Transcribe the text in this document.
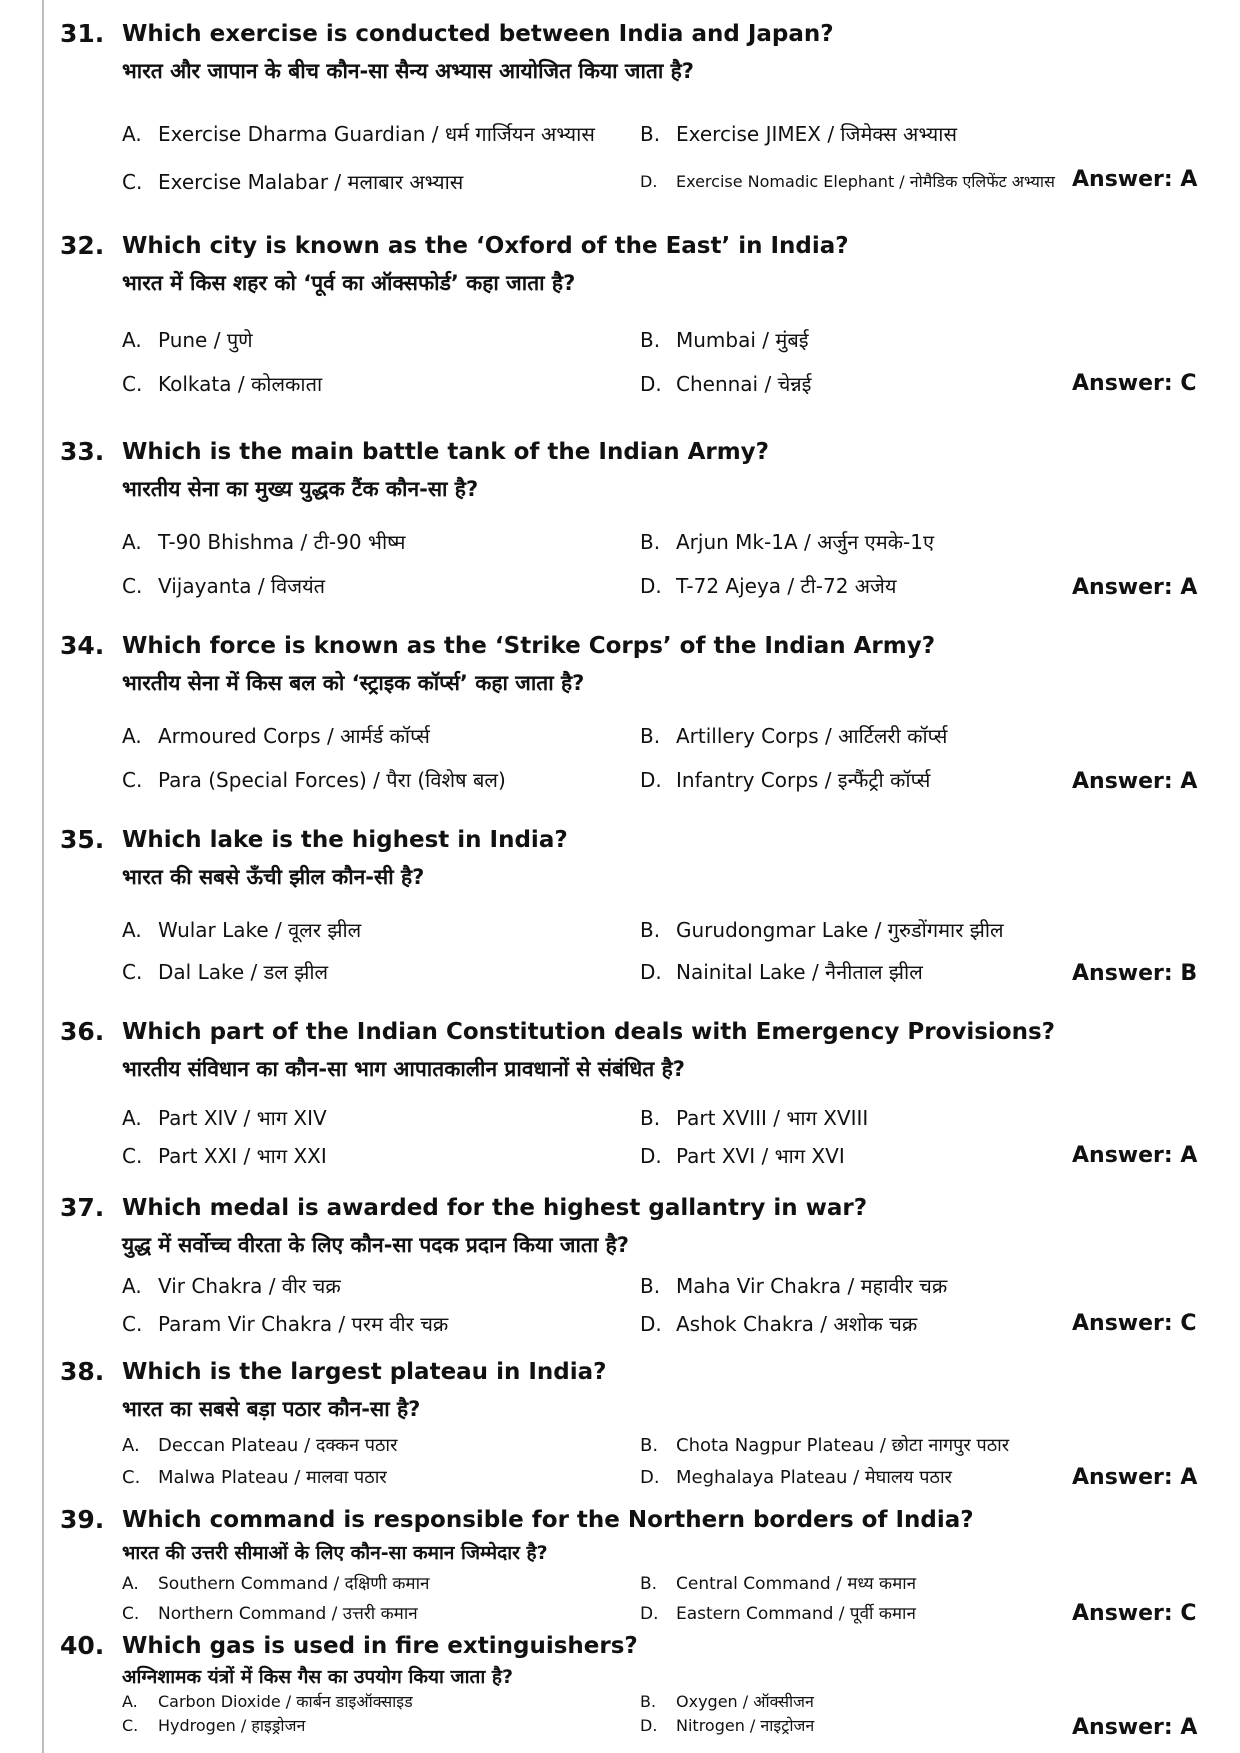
31. Which exercise is conducted between India and Japan?
भारत और जापान के बीच कौन-सा सैन्य अभ्यास आयोजित किया जाता है?
A. Exercise Dharma Guardian / धर्म गार्जियन अभ्यास B. Exercise JIMEX / जिमेक्स अभ्यास
C. Exercise Malabar / मलाबार अभ्यास	D. Exercise Nomadic Elephant / नोमैडिक एलिफेंट अभ्यास Answer: A
32. Which city is known as the ‘Oxford of the East’ in India?
भारत में किस शहर को ‘पूर्व का ऑक्सफोर्ड’ कहा जाता है?
A. Pune / पुणे	B. Mumbai / मुंबई
C. Kolkata / कोलकाता	D. Chennai / चेन्नई	Answer: C
33. Which is the main battle tank of the Indian Army?
भारतीय सेना का मुख्य युद्धक टैंक कौन-सा है?
A. T-90 Bhishma / टी-90 भीष्म	B. Arjun Mk-1A / अर्जुन एमके-1ए
C. Vijayanta / विजयंत	D. T-72 Ajeya / टी-72 अजेय	Answer: A
34. Which force is known as the ‘Strike Corps’ of the Indian Army?
भारतीय सेना में किस बल को ‘स्ट्राइक कॉर्प्स’ कहा जाता है?
A. Armoured Corps / आर्मर्ड कॉर्प्स	B. Artillery Corps / आर्टिलरी कॉर्प्स
C. Para (Special Forces) / पैरा (विशेष बल)	D. Infantry Corps / इन्फैंट्री कॉर्प्स	Answer: A
35. Which lake is the highest in India?
भारत की सबसे ऊँची झील कौन-सी है?
A. Wular Lake / वूलर झील	B. Gurudongmar Lake / गुरुडोंगमार झील
C. Dal Lake / डल झील	D. Nainital Lake / नैनीताल झील	Answer: B
36. Which part of the Indian Constitution deals with Emergency Provisions?
भारतीय संविधान का कौन-सा भाग आपातकालीन प्रावधानों से संबंधित है?
A. Part XIV / भाग XIV	B. Part XVIII / भाग XVIII
C. Part XXI / भाग XXI	D. Part XVI / भाग XVI	Answer: A
37. Which medal is awarded for the highest gallantry in war?
युद्ध में सर्वोच्च वीरता के लिए कौन-सा पदक प्रदान किया जाता है?
A. Vir Chakra / वीर चक्र	B. Maha Vir Chakra / महावीर चक्र
C. Param Vir Chakra / परम वीर चक्र	D. Ashok Chakra / अशोक चक्र	Answer: C
38. Which is the largest plateau in India?
भारत का सबसे बड़ा पठार कौन-सा है?
A. Deccan Plateau / दक्कन पठार	B. Chota Nagpur Plateau / छोटा नागपुर पठार
C. Malwa Plateau / मालवा पठार	D. Meghalaya Plateau / मेघालय पठार	Answer: A
39. Which command is responsible for the Northern borders of India?
भारत की उत्तरी सीमाओं के लिए कौन-सा कमान जिम्मेदार है?
A. Southern Command / दक्षिणी कमान	B. Central Command / मध्य कमान
C. Northern Command / उत्तरी कमान	D. Eastern Command / पूर्वी कमान	Answer: C
40. Which gas is used in fire extinguishers?
अग्निशामक यंत्रों में किस गैस का उपयोग किया जाता है?
A. Carbon Dioxide / कार्बन डाइऑक्साइड	B. Oxygen / ऑक्सीजन
C. Hydrogen / हाइड्रोजन	D. Nitrogen / नाइट्रोजन	Answer: A
